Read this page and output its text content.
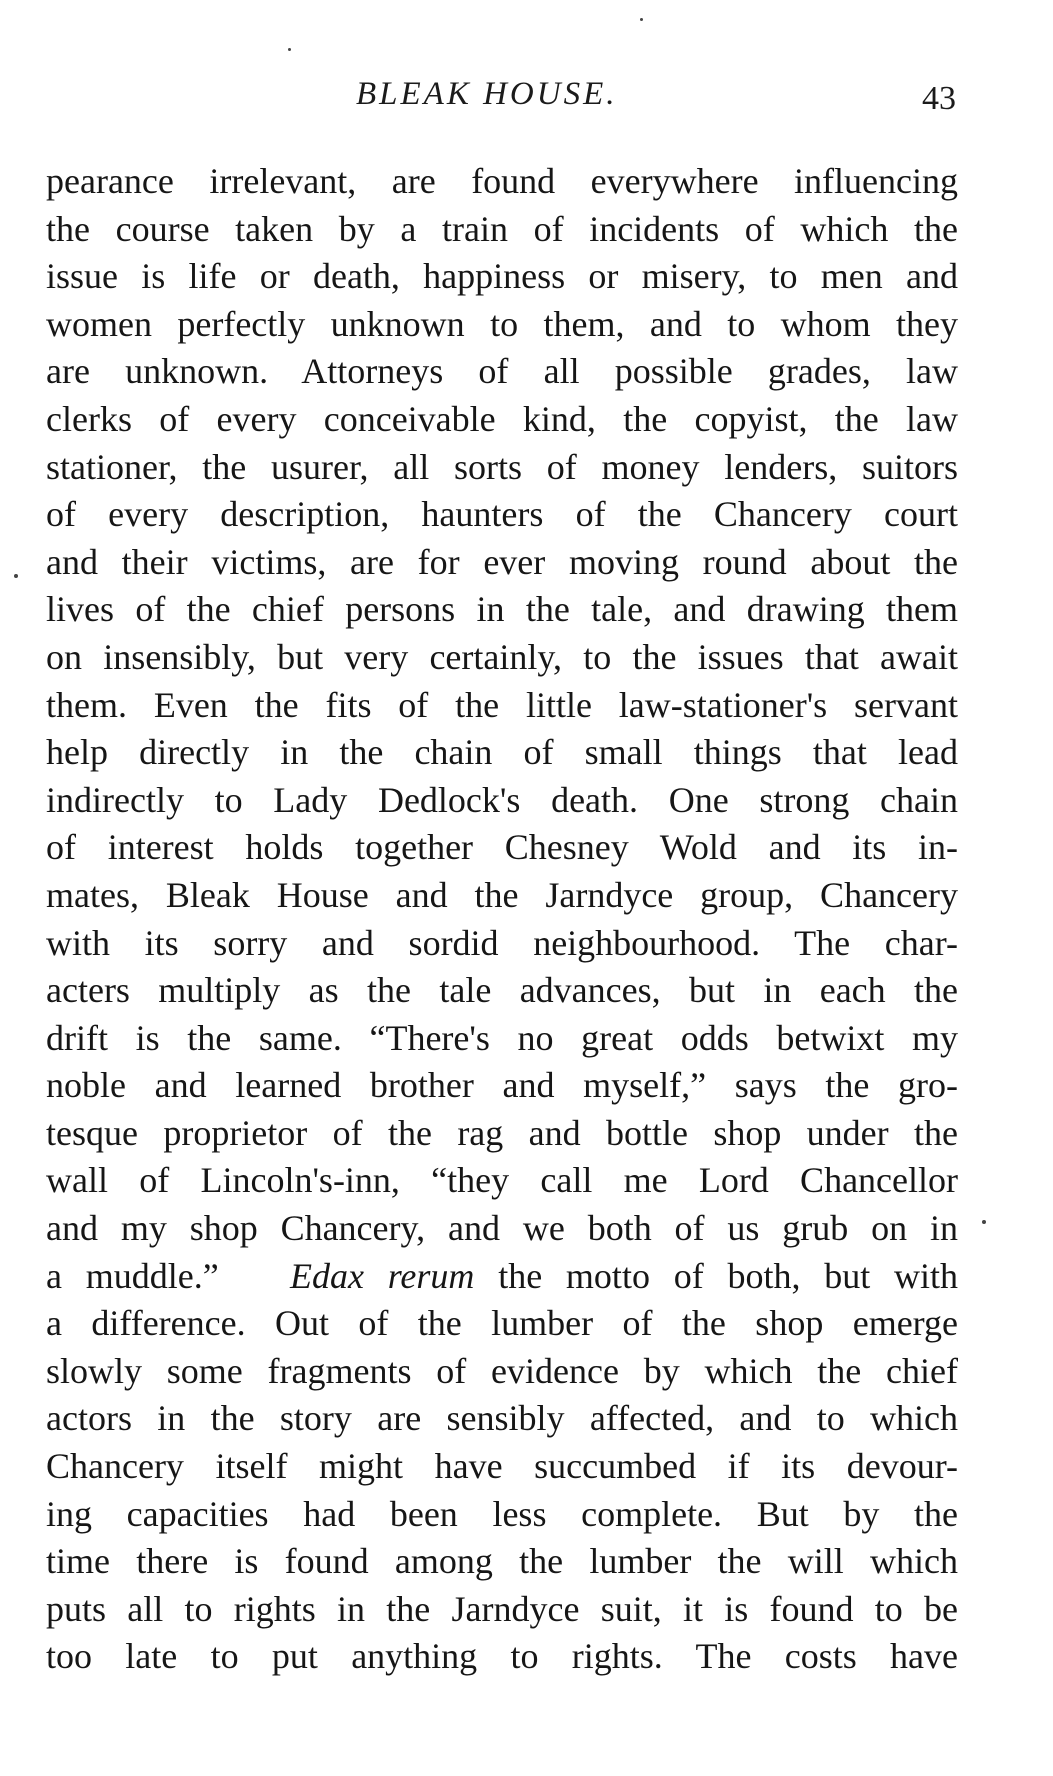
BLEAK HOUSE.	43
pearance irrelevant, are found everywhere influencing
the course taken by a train of incidents of which the
issue is life or death, happiness or misery, to men and
women perfectly unknown to them, and to whom they
are unknown. Attorneys of all possible grades, law
clerks of every conceivable kind, the copyist, the law
stationer, the usurer, all sorts of money lenders, suitors
of every description, haunters of the Chancery court
and their victims, are for ever moving round about the
lives of the chief persons in the tale, and drawing them
on insensibly, but very certainly, to the issues that await
them. Even the fits of the little law-stationer's servant
help directly in the chain of small things that lead
indirectly to Lady Dedlock's death. One strong chain
of interest holds together Chesney Wold and its in-
mates, Bleak House and the Jarndyce group, Chancery
with its sorry and sordid neighbourhood. The char-
acters multiply as the tale advances, but in each the
drift is the same. “There's no great odds betwixt my
noble and learned brother and myself,” says the gro-
tesque proprietor of the rag and bottle shop under the
wall of Lincoln's-inn, “they call me Lord Chancellor
and my shop Chancery, and we both of us grub on in
a muddle.” Edax rerum the motto of both, but with
a difference. Out of the lumber of the shop emerge
slowly some fragments of evidence by which the chief
actors in the story are sensibly affected, and to which
Chancery itself might have succumbed if its devour-
ing capacities had been less complete. But by the
time there is found among the lumber the will which
puts all to rights in the Jarndyce suit, it is found to be
too late to put anything to rights. The costs have
